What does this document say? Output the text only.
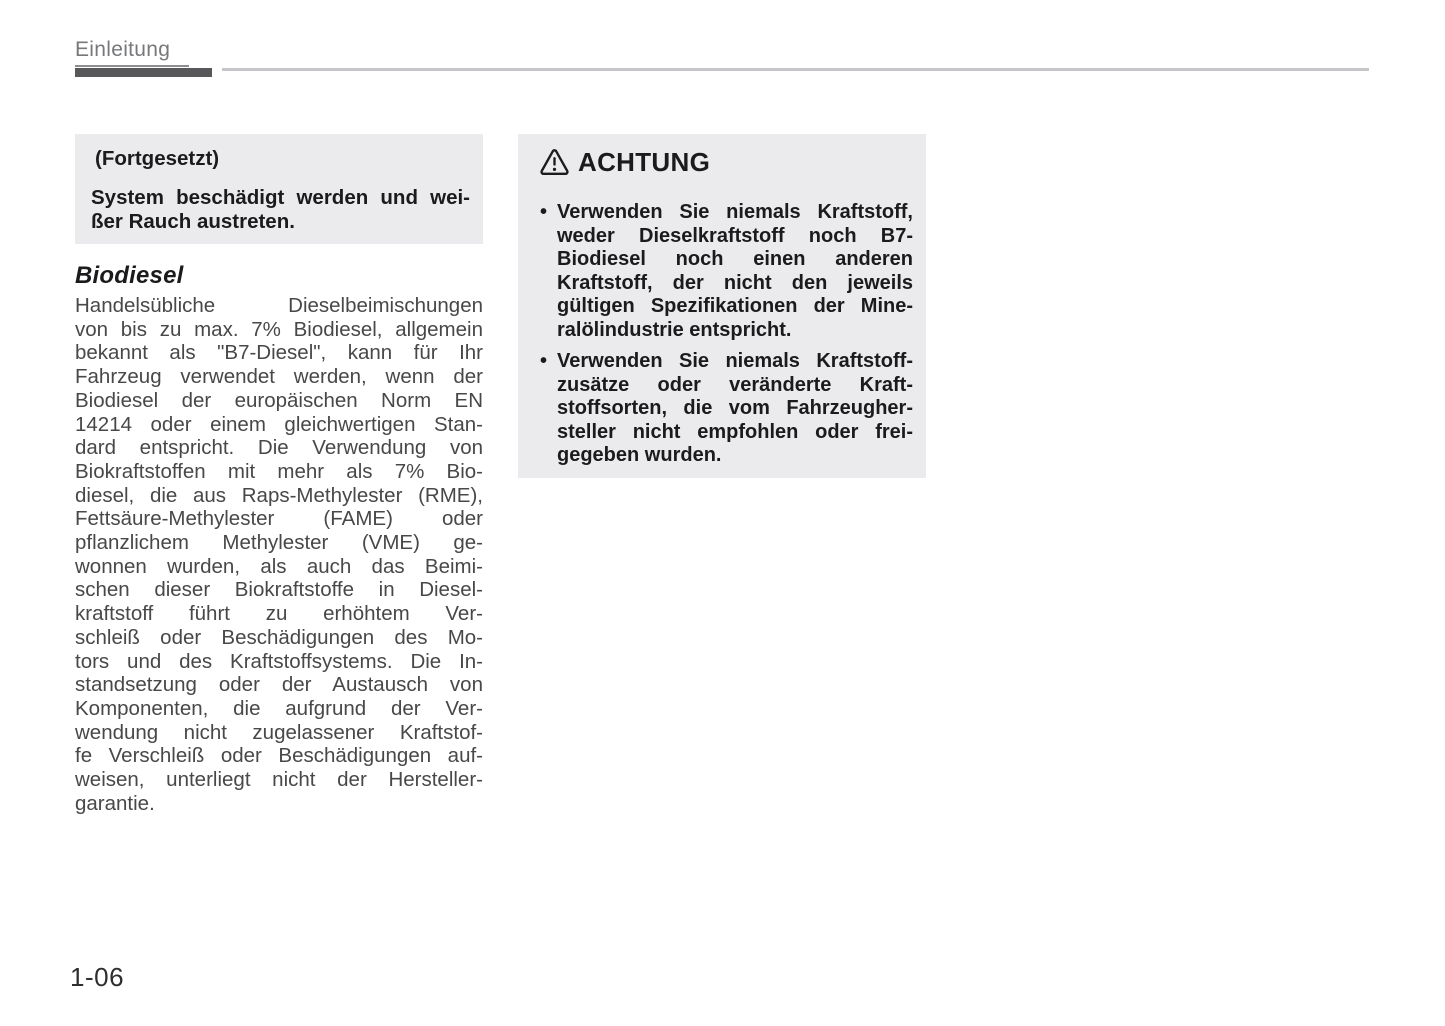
Einleitung
(Fortgesetzt)
System beschädigt werden und wei-
ßer Rauch austreten.
Biodiesel
Handelsübliche Dieselbeimischungen
von bis zu max. 7% Biodiesel, allgemein
bekannt als "B7-Diesel", kann für Ihr
Fahrzeug verwendet werden, wenn der
Biodiesel der europäischen Norm EN
14214 oder einem gleichwertigen Stan-
dard entspricht. Die Verwendung von
Biokraftstoffen mit mehr als 7% Bio-
diesel, die aus Raps-Methylester (RME),
Fettsäure-Methylester (FAME) oder
pflanzlichem Methylester (VME) ge-
wonnen wurden, als auch das Beimi-
schen dieser Biokraftstoffe in Diesel-
kraftstoff führt zu erhöhtem Ver-
schleiß oder Beschädigungen des Mo-
tors und des Kraftstoffsystems. Die In-
standsetzung oder der Austausch von
Komponenten, die aufgrund der Ver-
wendung nicht zugelassener Kraftstof-
fe Verschleiß oder Beschädigungen auf-
weisen, unterliegt nicht der Hersteller-
garantie.
ACHTUNG
• Verwenden Sie niemals Kraftstoff,
weder Dieselkraftstoff noch B7-
Biodiesel noch einen anderen
Kraftstoff, der nicht den jeweils
gültigen Spezifikationen der Mine-
ralölindustrie entspricht.
• Verwenden Sie niemals Kraftstoff-
zusätze oder veränderte Kraft-
stoffsorten, die vom Fahrzeugher-
steller nicht empfohlen oder frei-
gegeben wurden.
1-06
